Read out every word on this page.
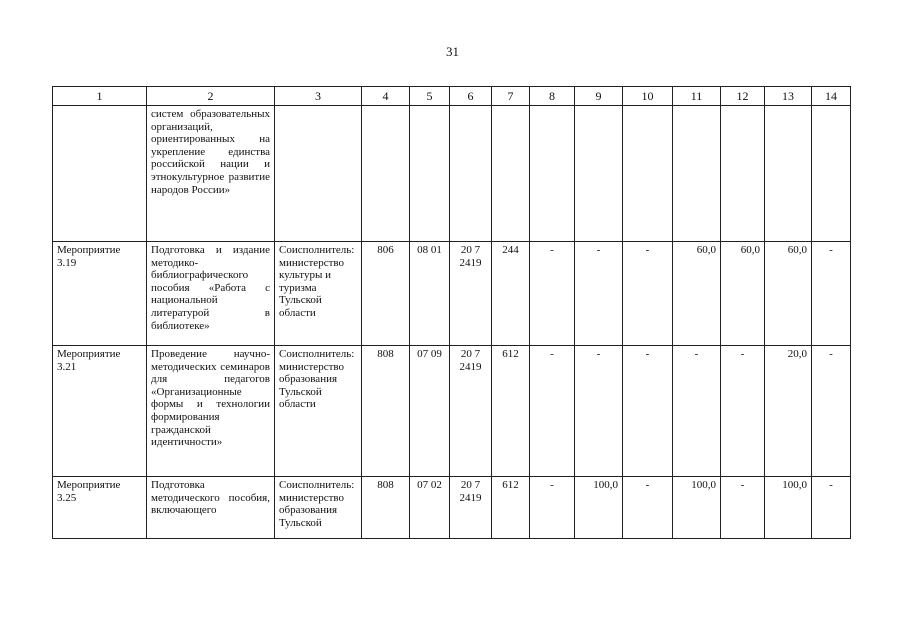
31
1	2	3	4	5	6	7	8	9	10	11	12	13	14
	систем образовательных организаций, ориентированных на укрепление единства российской нации и этнокультурное развитие народов России»												
Мероприятие 3.19	Подготовка и издание методико-библиографического пособия «Работа с национальной литературой в библиотеке»	Соисполнитель: министерство культуры и туризма Тульской области	806	08 01	20 7 2419	244	-	-	-	60,0	60,0	60,0	-
Мероприятие 3.21	Проведение научно-методических семинаров для педагогов «Организационные формы и технологии формирования гражданской идентичности»	Соисполнитель: министерство образования Тульской области	808	07 09	20 7 2419	612	-	-	-	-	-	20,0	-
Мероприятие 3.25	Подготовка методического пособия, включающего	Соисполнитель: министерство образования Тульской	808	07 02	20 7 2419	612	-	100,0	-	100,0	-	100,0	-
